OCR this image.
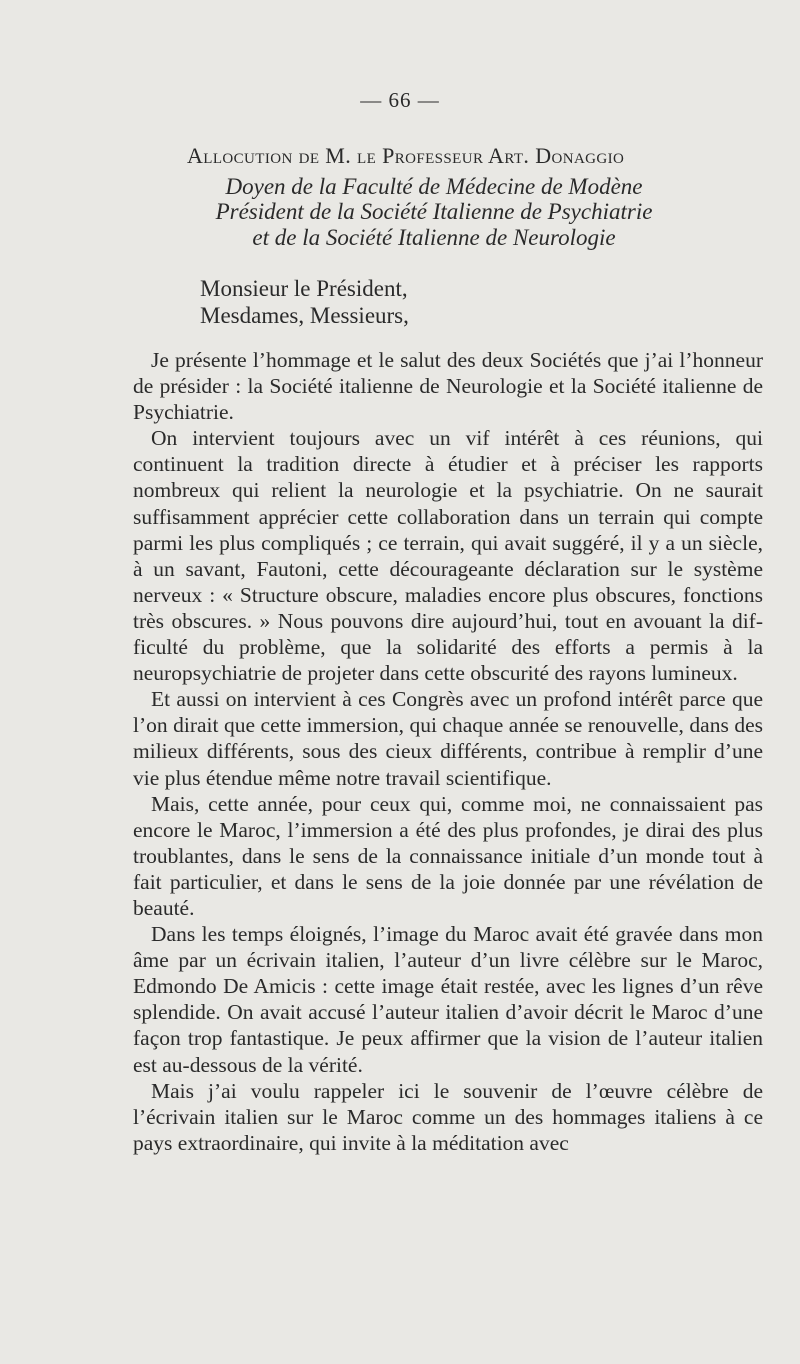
— 66 —
Allocution de M. le Professeur Art. Donaggio
Doyen de la Faculté de Médecine de Modène
Président de la Société Italienne de Psychiatrie
et de la Société Italienne de Neurologie
Monsieur le Président,
Mesdames, Messieurs,

Je présente l’hommage et le salut des deux Sociétés que j’ai l’honneur de présider : la Société italienne de Neurologie et la Société italienne de Psychiatrie.

On intervient toujours avec un vif intérêt à ces réunions, qui continuent la tradition directe à étudier et à préciser les rapports nombreux qui relient la neurologie et la psychiatrie. On ne saurait suffisamment apprécier cette collaboration dans un terrain qui compte parmi les plus compliqués ; ce terrain, qui avait suggéré, il y a un siècle, à un savant, Fautoni, cette décourageante déclaration sur le système nerveux : « Structure obscure, maladies encore plus obscures, fonctions très obscures. » Nous pouvons dire aujourd’hui, tout en avouant la difficulté du problème, que la solidarité des efforts a permis à la neuropsychiatrie de projeter dans cette obscurité des rayons lumineux.

Et aussi on intervient à ces Congrès avec un profond intérêt parce que l’on dirait que cette immersion, qui chaque année se renouvelle, dans des milieux différents, sous des cieux différents, contribue à remplir d’une vie plus étendue même notre travail scientifique.

Mais, cette année, pour ceux qui, comme moi, ne connaissaient pas encore le Maroc, l’immersion a été des plus profondes, je dirai des plus troublantes, dans le sens de la connaissance initiale d’un monde tout à fait particulier, et dans le sens de la joie donnée par une révélation de beauté.

Dans les temps éloignés, l’image du Maroc avait été gravée dans mon âme par un écrivain italien, l’auteur d’un livre célèbre sur le Maroc, Edmondo De Amicis : cette image était restée, avec les lignes d’un rêve splendide. On avait accusé l’auteur italien d’avoir décrit le Maroc d’une façon trop fantastique. Je peux affirmer que la vision de l’auteur italien est au-dessous de la vérité.

Mais j’ai voulu rappeler ici le souvenir de l’œuvre célèbre de l’écrivain italien sur le Maroc comme un des hommages italiens à ce pays extraordinaire, qui invite à la méditation avec
